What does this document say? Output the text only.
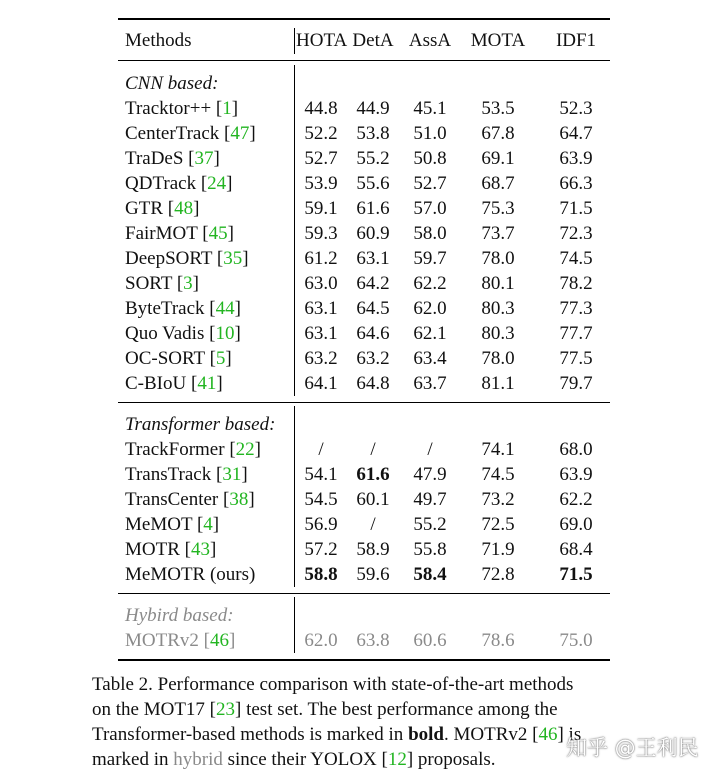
Methods	HOTA DetA AssA	MOTA	IDF1
CNN based:
Tracktor++ [1]	44.8 44.9	45.1	53.5	52.3
CenterTrack [47]	52.2 53.8	51.0	67.8	64.7
TraDeS [37]	52.7 55.2	50.8	69.1	63.9
QDTrack [24]	53.9 55.6	52.7	68.7	66.3
GTR [48]	59.1 61.6	57.0	75.3	71.5
FairMOT [45]	59.3 60.9	58.0	73.7	72.3
DeepSORT [35]	61.2 63.1	59.7	78.0	74.5
SORT [3]	63.0 64.2	62.2	80.1	78.2
ByteTrack [44]	63.1 64.5	62.0	80.3	77.3
Quo Vadis [10]	63.1 64.6	62.1	80.3	77.7
OC-SORT [5]	63.2 63.2	63.4	78.0	77.5
C-BIoU [41]	64.1 64.8	63.7	81.1	79.7
Transformer based:
TrackFormer [22]	/	/	/	74.1	68.0
TransTrack [31]	54.1 61.6	47.9	74.5	63.9
TransCenter [38]	54.5 60.1	49.7	73.2	62.2
MeMOT [4]	56.9	/	55.2	72.5	69.0
MOTR [43]	57.2 58.9	55.8	71.9	68.4
MeMOTR (ours)	58.8 59.6	58.4	72.8	71.5
Hybird based:
MOTRv2 [46]	62.0 63.8	60.6	78.6	75.0
Table 2. Performance comparison with state-of-the-art methods
on the MOT17 [23] test set. The best performance among the
Transformer-based methods is marked in bold. MOTRv2 [46] is
marked in hybrid since their YOLOX [12] proposals.	知乎 @王利民
